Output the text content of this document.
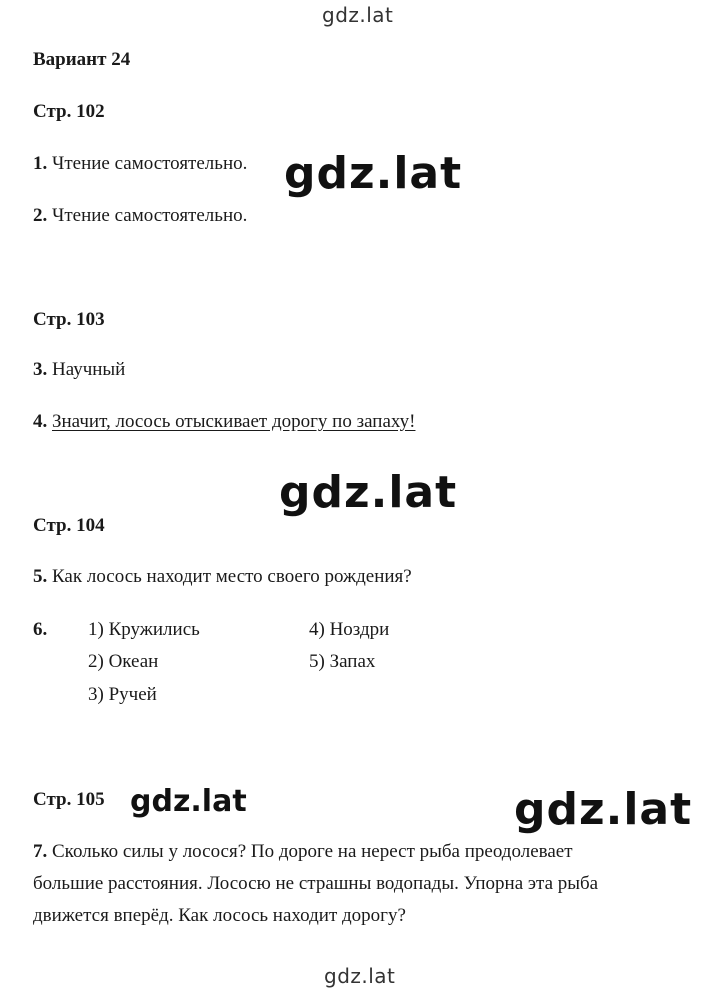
gdz.lat
gdz.lat
gdz.lat
gdz.lat	gdz.lat
gdz.lat
Вариант 24
Стр. 102
1. Чтение самостоятельно.
2. Чтение самостоятельно.
Стр. 103
3. Научный
4. Значит, лосось отыскивает дорогу по запаху!
Стр. 104
5. Как лосось находит место своего рождения?
6. 1) Кружились
2) Океан
3) Ручей
4) Ноздри
5) Запах
Стр. 105
7. Сколько силы у лосося? По дороге на нерест рыба преодолевает
большие расстояния. Лососю не страшны водопады. Упорна эта рыба
движется вперёд. Как лосось находит дорогу?
